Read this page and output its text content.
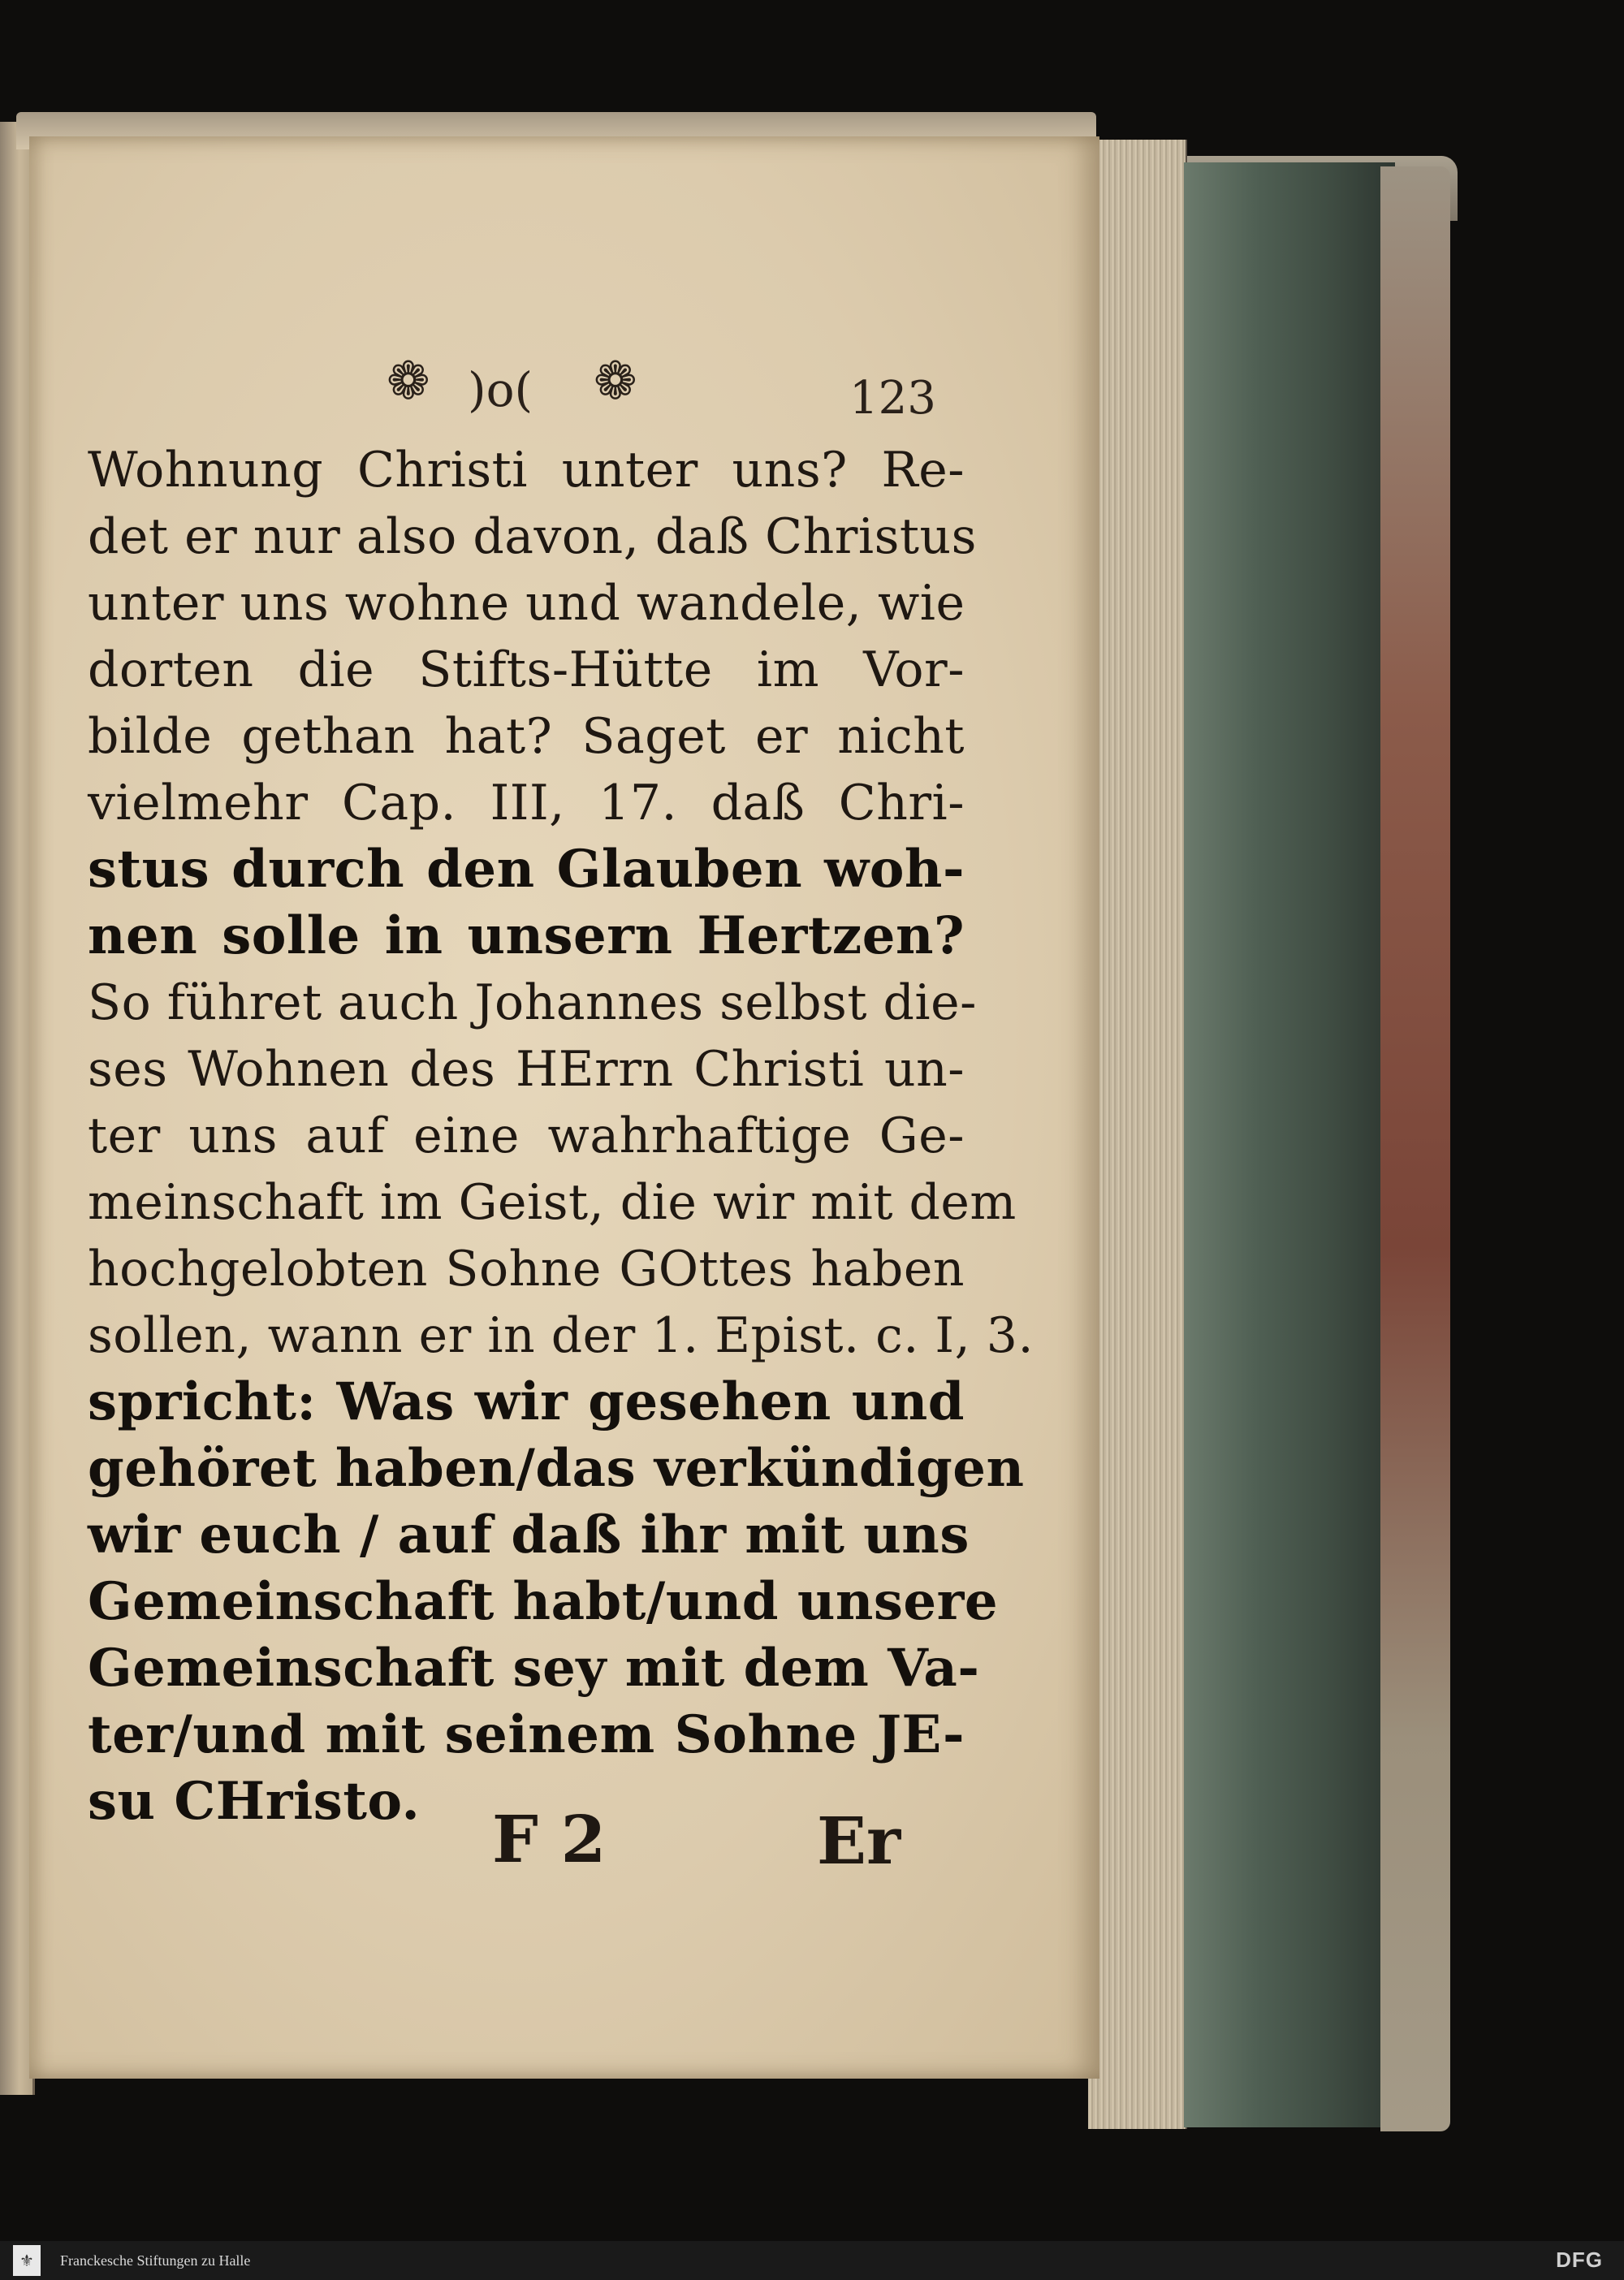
❁ )o( ❁	123
Wohnung Christi unter uns? Re-
det er nur also davon, daß Christus
unter uns wohne und wandele, wie
dorten die Stifts-Hütte im Vor-
bilde gethan hat? Saget er nicht
vielmehr Cap. III, 17. daß Chri-
stus durch den Glauben woh-
nen solle in unsern Hertzen?
So führet auch Johannes selbst die-
ses Wohnen des HErrn Christi un-
ter uns auf eine wahrhaftige Ge-
meinschaft im Geist, die wir mit dem
hochgelobten Sohne GOttes haben
sollen, wann er in der 1. Epist. c. I, 3.
spricht: Was wir gesehen und
gehöret haben/das verkündigen
wir euch / auf daß ihr mit uns
Gemeinschaft habt/und unsere
Gemeinschaft sey mit dem Va-
ter/und mit seinem Sohne JE-
su CHristo.	F 2	Er
⚜	Franckesche Stiftungen zu Halle	DFG
